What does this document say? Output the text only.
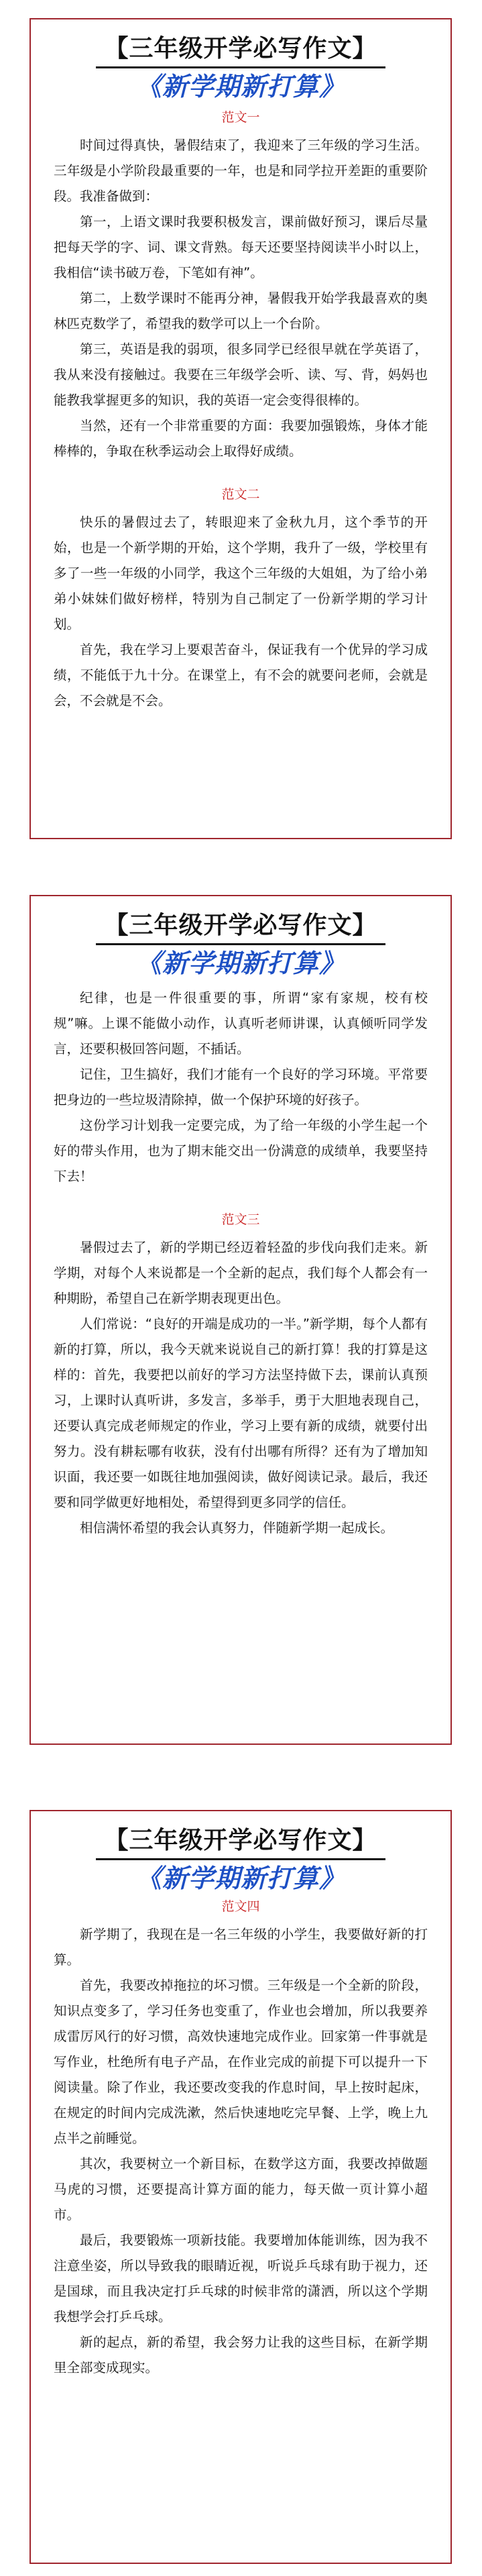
【三年级开学必写作文】
《新学期新打算》
范文一

时间过得真快，暑假结束了，我迎来了三年级的学习生活。三年级是小学阶段最重要的一年，也是和同学拉开差距的重要阶段。我准备做到：

第一，上语文课时我要积极发言，课前做好预习，课后尽量把每天学的字、词、课文背熟。每天还要坚持阅读半小时以上，我相信“读书破万卷，下笔如有神”。

第二，上数学课时不能再分神，暑假我开始学我最喜欢的奥林匹克数学了，希望我的数学可以上一个台阶。

第三，英语是我的弱项，很多同学已经很早就在学英语了，我从来没有接触过。我要在三年级学会听、读、写、背，妈妈也能教我掌握更多的知识，我的英语一定会变得很棒的。

当然，还有一个非常重要的方面：我要加强锻炼，身体才能棒棒的，争取在秋季运动会上取得好成绩。

范文二

快乐的暑假过去了，转眼迎来了金秋九月，这个季节的开始，也是一个新学期的开始，这个学期，我升了一级，学校里有多了一些一年级的小同学，我这个三年级的大姐姐，为了给小弟弟小妹妹们做好榜样，特别为自己制定了一份新学期的学习计划。

首先，我在学习上要艰苦奋斗，保证我有一个优异的学习成绩，不能低于九十分。在课堂上，有不会的就要问老师，会就是会，不会就是不会。

【三年级开学必写作文】
《新学期新打算》

纪律，也是一件很重要的事，所谓“家有家规，校有校规”嘛。上课不能做小动作，认真听老师讲课，认真倾听同学发言，还要积极回答问题，不插话。

记住，卫生搞好，我们才能有一个良好的学习环境。平常要把身边的一些垃圾清除掉，做一个保护环境的好孩子。

这份学习计划我一定要完成，为了给一年级的小学生起一个好的带头作用，也为了期末能交出一份满意的成绩单，我要坚持下去！

范文三

暑假过去了，新的学期已经迈着轻盈的步伐向我们走来。新学期，对每个人来说都是一个全新的起点，我们每个人都会有一种期盼，希望自己在新学期表现更出色。

人们常说：“良好的开端是成功的一半。”新学期，每个人都有新的打算，所以，我今天就来说说自己的新打算！我的打算是这样的：首先，我要把以前好的学习方法坚持做下去，课前认真预习，上课时认真听讲，多发言，多举手，勇于大胆地表现自己，还要认真完成老师规定的作业，学习上要有新的成绩，就要付出努力。没有耕耘哪有收获，没有付出哪有所得？还有为了增加知识面，我还要一如既往地加强阅读，做好阅读记录。最后，我还要和同学做更好地相处，希望得到更多同学的信任。

相信满怀希望的我会认真努力，伴随新学期一起成长。

【三年级开学必写作文】
《新学期新打算》
范文四

新学期了，我现在是一名三年级的小学生，我要做好新的打算。

首先，我要改掉拖拉的坏习惯。三年级是一个全新的阶段，知识点变多了，学习任务也变重了，作业也会增加，所以我要养成雷厉风行的好习惯，高效快速地完成作业。回家第一件事就是写作业，杜绝所有电子产品，在作业完成的前提下可以提升一下阅读量。除了作业，我还要改变我的作息时间，早上按时起床，在规定的时间内完成洗漱，然后快速地吃完早餐、上学，晚上九点半之前睡觉。

其次，我要树立一个新目标，在数学这方面，我要改掉做题马虎的习惯，还要提高计算方面的能力，每天做一页计算小超市。

最后，我要锻炼一项新技能。我要增加体能训练，因为我不注意坐姿，所以导致我的眼睛近视，听说乒乓球有助于视力，还是国球，而且我决定打乒乓球的时候非常的潇洒，所以这个学期我想学会打乒乓球。

新的起点，新的希望，我会努力让我的这些目标，在新学期里全部变成现实。
